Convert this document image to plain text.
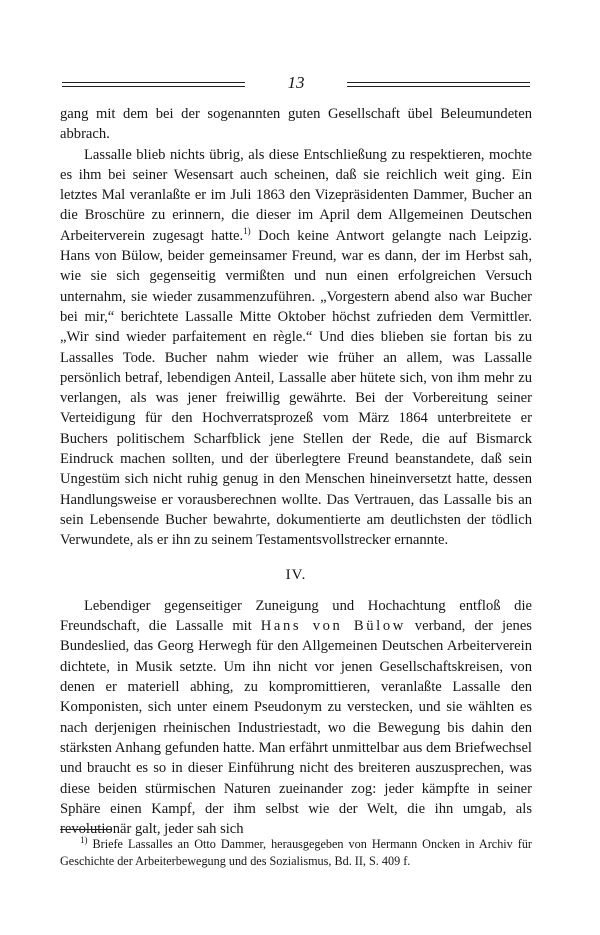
13

gang mit dem bei der sogenannten guten Gesellschaft übel Beleumundeten abbrach.

Lassalle blieb nichts übrig, als diese Entschließung zu respektieren, mochte es ihm bei seiner Wesensart auch scheinen, daß sie reichlich weit ging. Ein letztes Mal veranlaßte er im Juli 1863 den Vizepräsidenten Dammer, Bucher an die Broschüre zu erinnern, die dieser im April dem Allgemeinen Deutschen Arbeiterverein zugesagt hatte.$^{1)}$ Doch keine Antwort gelangte nach Leipzig. Hans von Bülow, beider gemeinsamer Freund, war es dann, der im Herbst sah, wie sie sich gegenseitig vermißten und nun einen erfolgreichen Versuch unternahm, sie wieder zusammenzuführen. „Vorgestern abend also war Bucher bei mir,“ berichtete Lassalle Mitte Oktober höchst zufrieden dem Vermittler. „Wir sind wieder parfaitement en règle.“ Und dies blieben sie fortan bis zu Lassalles Tode. Bucher nahm wieder wie früher an allem, was Lassalle persönlich betraf, lebendigen Anteil, Lassalle aber hütete sich, von ihm mehr zu verlangen, als was jener freiwillig gewährte. Bei der Vorbereitung seiner Verteidigung für den Hochverratsprozeß vom März 1864 unterbreitete er Buchers politischem Scharfblick jene Stellen der Rede, die auf Bismarck Eindruck machen sollten, und der überlegtere Freund beanstandete, daß sein Ungestüm sich nicht ruhig genug in den Menschen hineinversetzt hatte, dessen Handlungsweise er vorausberechnen wollte. Das Vertrauen, das Lassalle bis an sein Lebensende Bucher bewahrte, dokumentierte am deutlichsten der tödlich Verwundete, als er ihn zu seinem Testamentsvollstrecker ernannte.

IV.

Lebendiger gegenseitiger Zuneigung und Hochachtung entfloß die Freundschaft, die Lassalle mit Hans von Bülow verband, der jenes Bundeslied, das Georg Herwegh für den Allgemeinen Deutschen Arbeiterverein dichtete, in Musik setzte. Um ihn nicht vor jenen Gesellschaftskreisen, von denen er materiell abhing, zu kompromittieren, veranlaßte Lassalle den Komponisten, sich unter einem Pseudonym zu verstecken, und sie wählten es nach derjenigen rheinischen Industriestadt, wo die Bewegung bis dahin den stärksten Anhang gefunden hatte. Man erfährt unmittelbar aus dem Briefwechsel und braucht es so in dieser Einführung nicht des breiteren auszusprechen, was diese beiden stürmischen Naturen zueinander zog: jeder kämpfte in seiner Sphäre einen Kampf, der ihm selbst wie der Welt, die ihn umgab, als revolutionär galt, jeder sah sich

$^{1)}$ Briefe Lassalles an Otto Dammer, herausgegeben von Hermann Oncken in Archiv für Geschichte der Arbeiterbewegung und des Sozialismus, Bd. II, S. 409 f.
